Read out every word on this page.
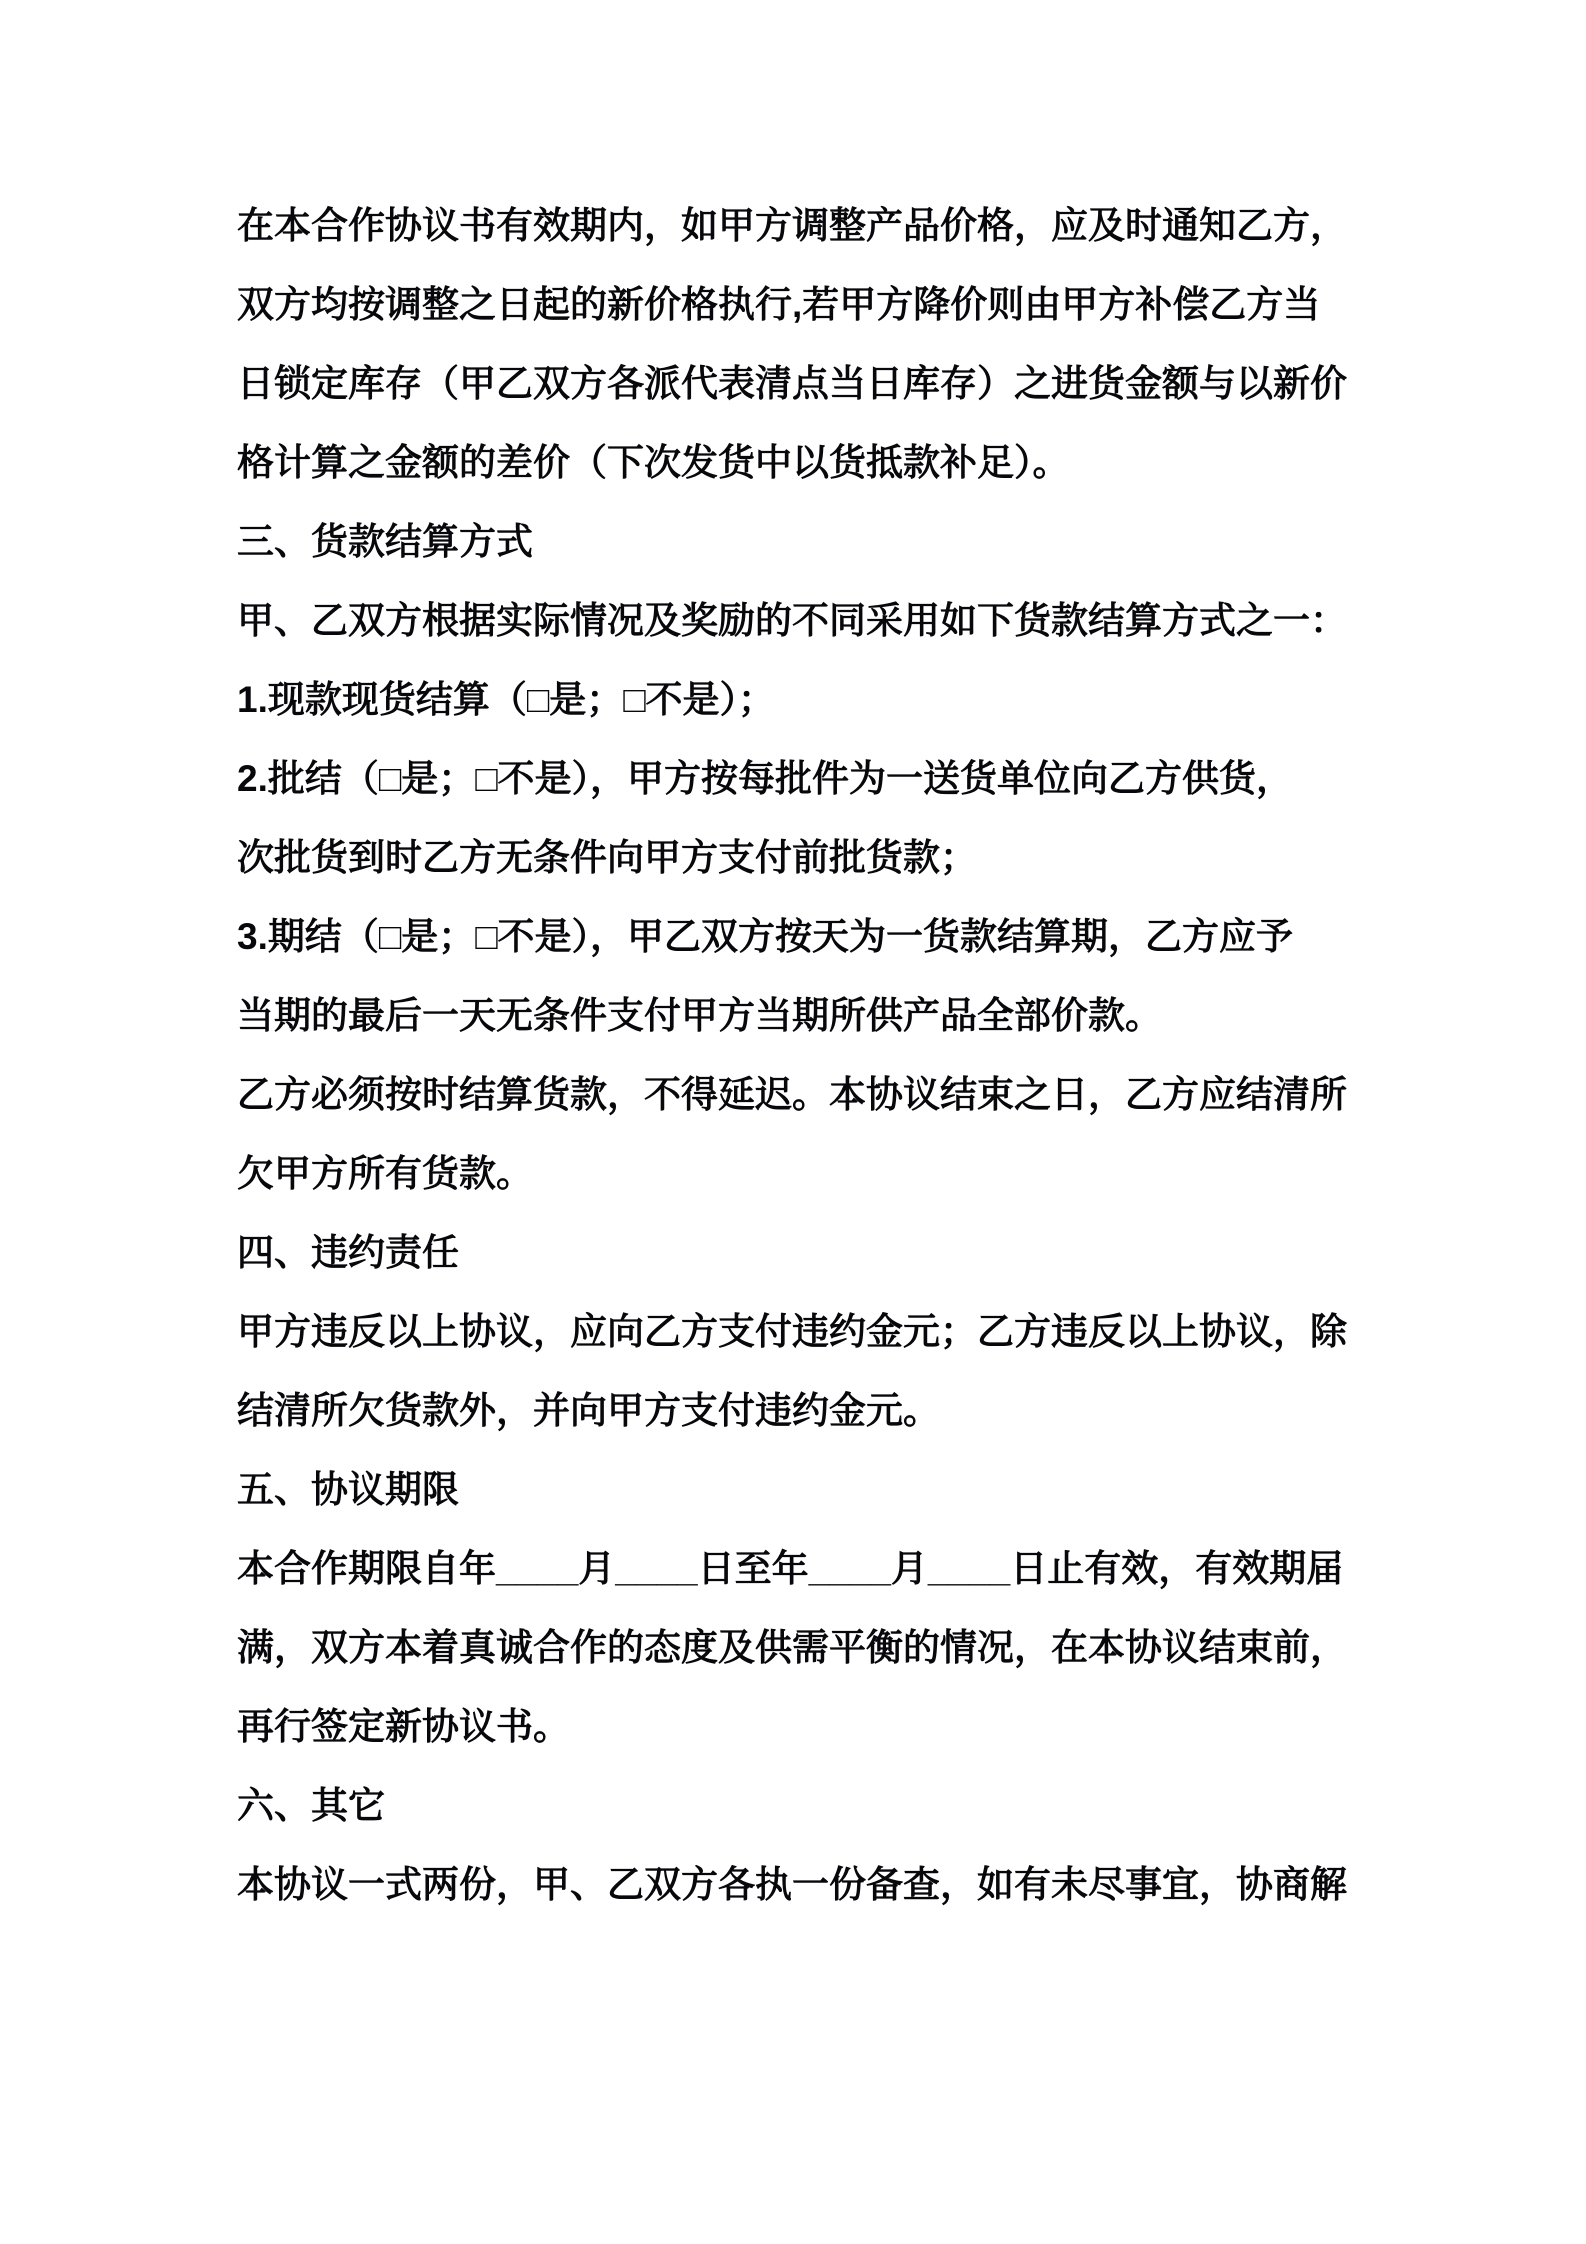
在本合作协议书有效期内，如甲方调整产品价格，应及时通知乙方，
双方均按调整之日起的新价格执行,若甲方降价则由甲方补偿乙方当
日锁定库存（甲乙双方各派代表清点当日库存）之进货金额与以新价
格计算之金额的差价（下次发货中以货抵款补足）。
三、货款结算方式
甲、乙双方根据实际情况及奖励的不同采用如下货款结算方式之一：
1.现款现货结算（□是；□不是）；
2.批结（□是；□不是），甲方按每批件为一送货单位向乙方供货，
次批货到时乙方无条件向甲方支付前批货款；
3.期结（□是；□不是），甲乙双方按天为一货款结算期，乙方应予
当期的最后一天无条件支付甲方当期所供产品全部价款。
乙方必须按时结算货款，不得延迟。本协议结束之日，乙方应结清所
欠甲方所有货款。
四、违约责任
甲方违反以上协议，应向乙方支付违约金元；乙方违反以上协议，除
结清所欠货款外，并向甲方支付违约金元。
五、协议期限
本合作期限自年____月____日至年____月____日止有效，有效期届
满，双方本着真诚合作的态度及供需平衡的情况，在本协议结束前，
再行签定新协议书。
六、其它
本协议一式两份，甲、乙双方各执一份备查，如有未尽事宜，协商解
